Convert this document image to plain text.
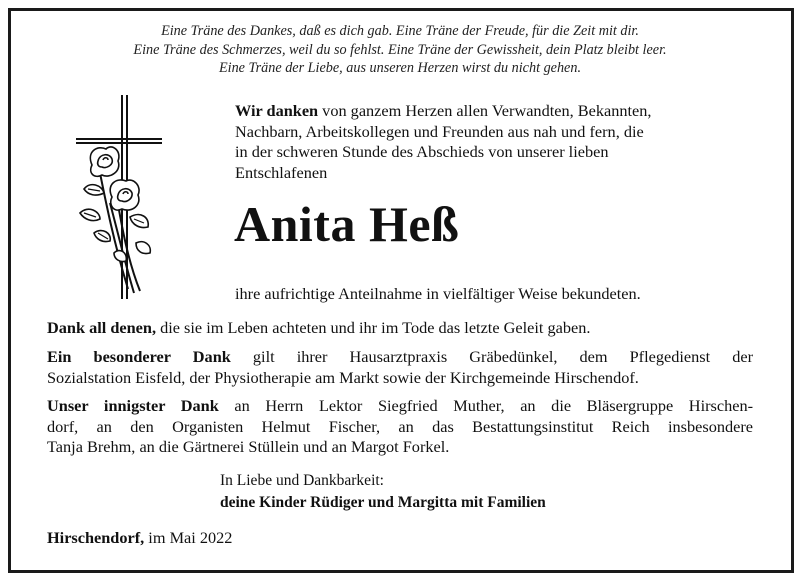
Eine Träne des Dankes, daß es dich gab. Eine Träne der Freude, für die Zeit mit dir.
Eine Träne des Schmerzes, weil du so fehlst. Eine Träne der Gewissheit, dein Platz bleibt leer.
Eine Träne der Liebe, aus unseren Herzen wirst du nicht gehen.
Wir danken von ganzem Herzen allen Verwandten, Bekannten,
Nachbarn, Arbeitskollegen und Freunden aus nah und fern, die
in der schweren Stunde des Abschieds von unserer lieben
Entschlafenen
Anita Heß
ihre aufrichtige Anteilnahme in vielfältiger Weise bekundeten.
Dank all denen, die sie im Leben achteten und ihr im Tode das letzte Geleit gaben.
Ein besonderer Dank gilt ihrer Hausarztpraxis Gräbedünkel, dem Pflegedienst der
Sozialstation Eisfeld, der Physiotherapie am Markt sowie der Kirchgemeinde Hirschendof.
Unser innigster Dank an Herrn Lektor Siegfried Muther, an die Bläsergruppe Hirschen-
dorf, an den Organisten Helmut Fischer, an das Bestattungsinstitut Reich insbesondere
Tanja Brehm, an die Gärtnerei Stüllein und an Margot Forkel.
In Liebe und Dankbarkeit:
deine Kinder Rüdiger und Margitta mit Familien
Hirschendorf, im Mai 2022
